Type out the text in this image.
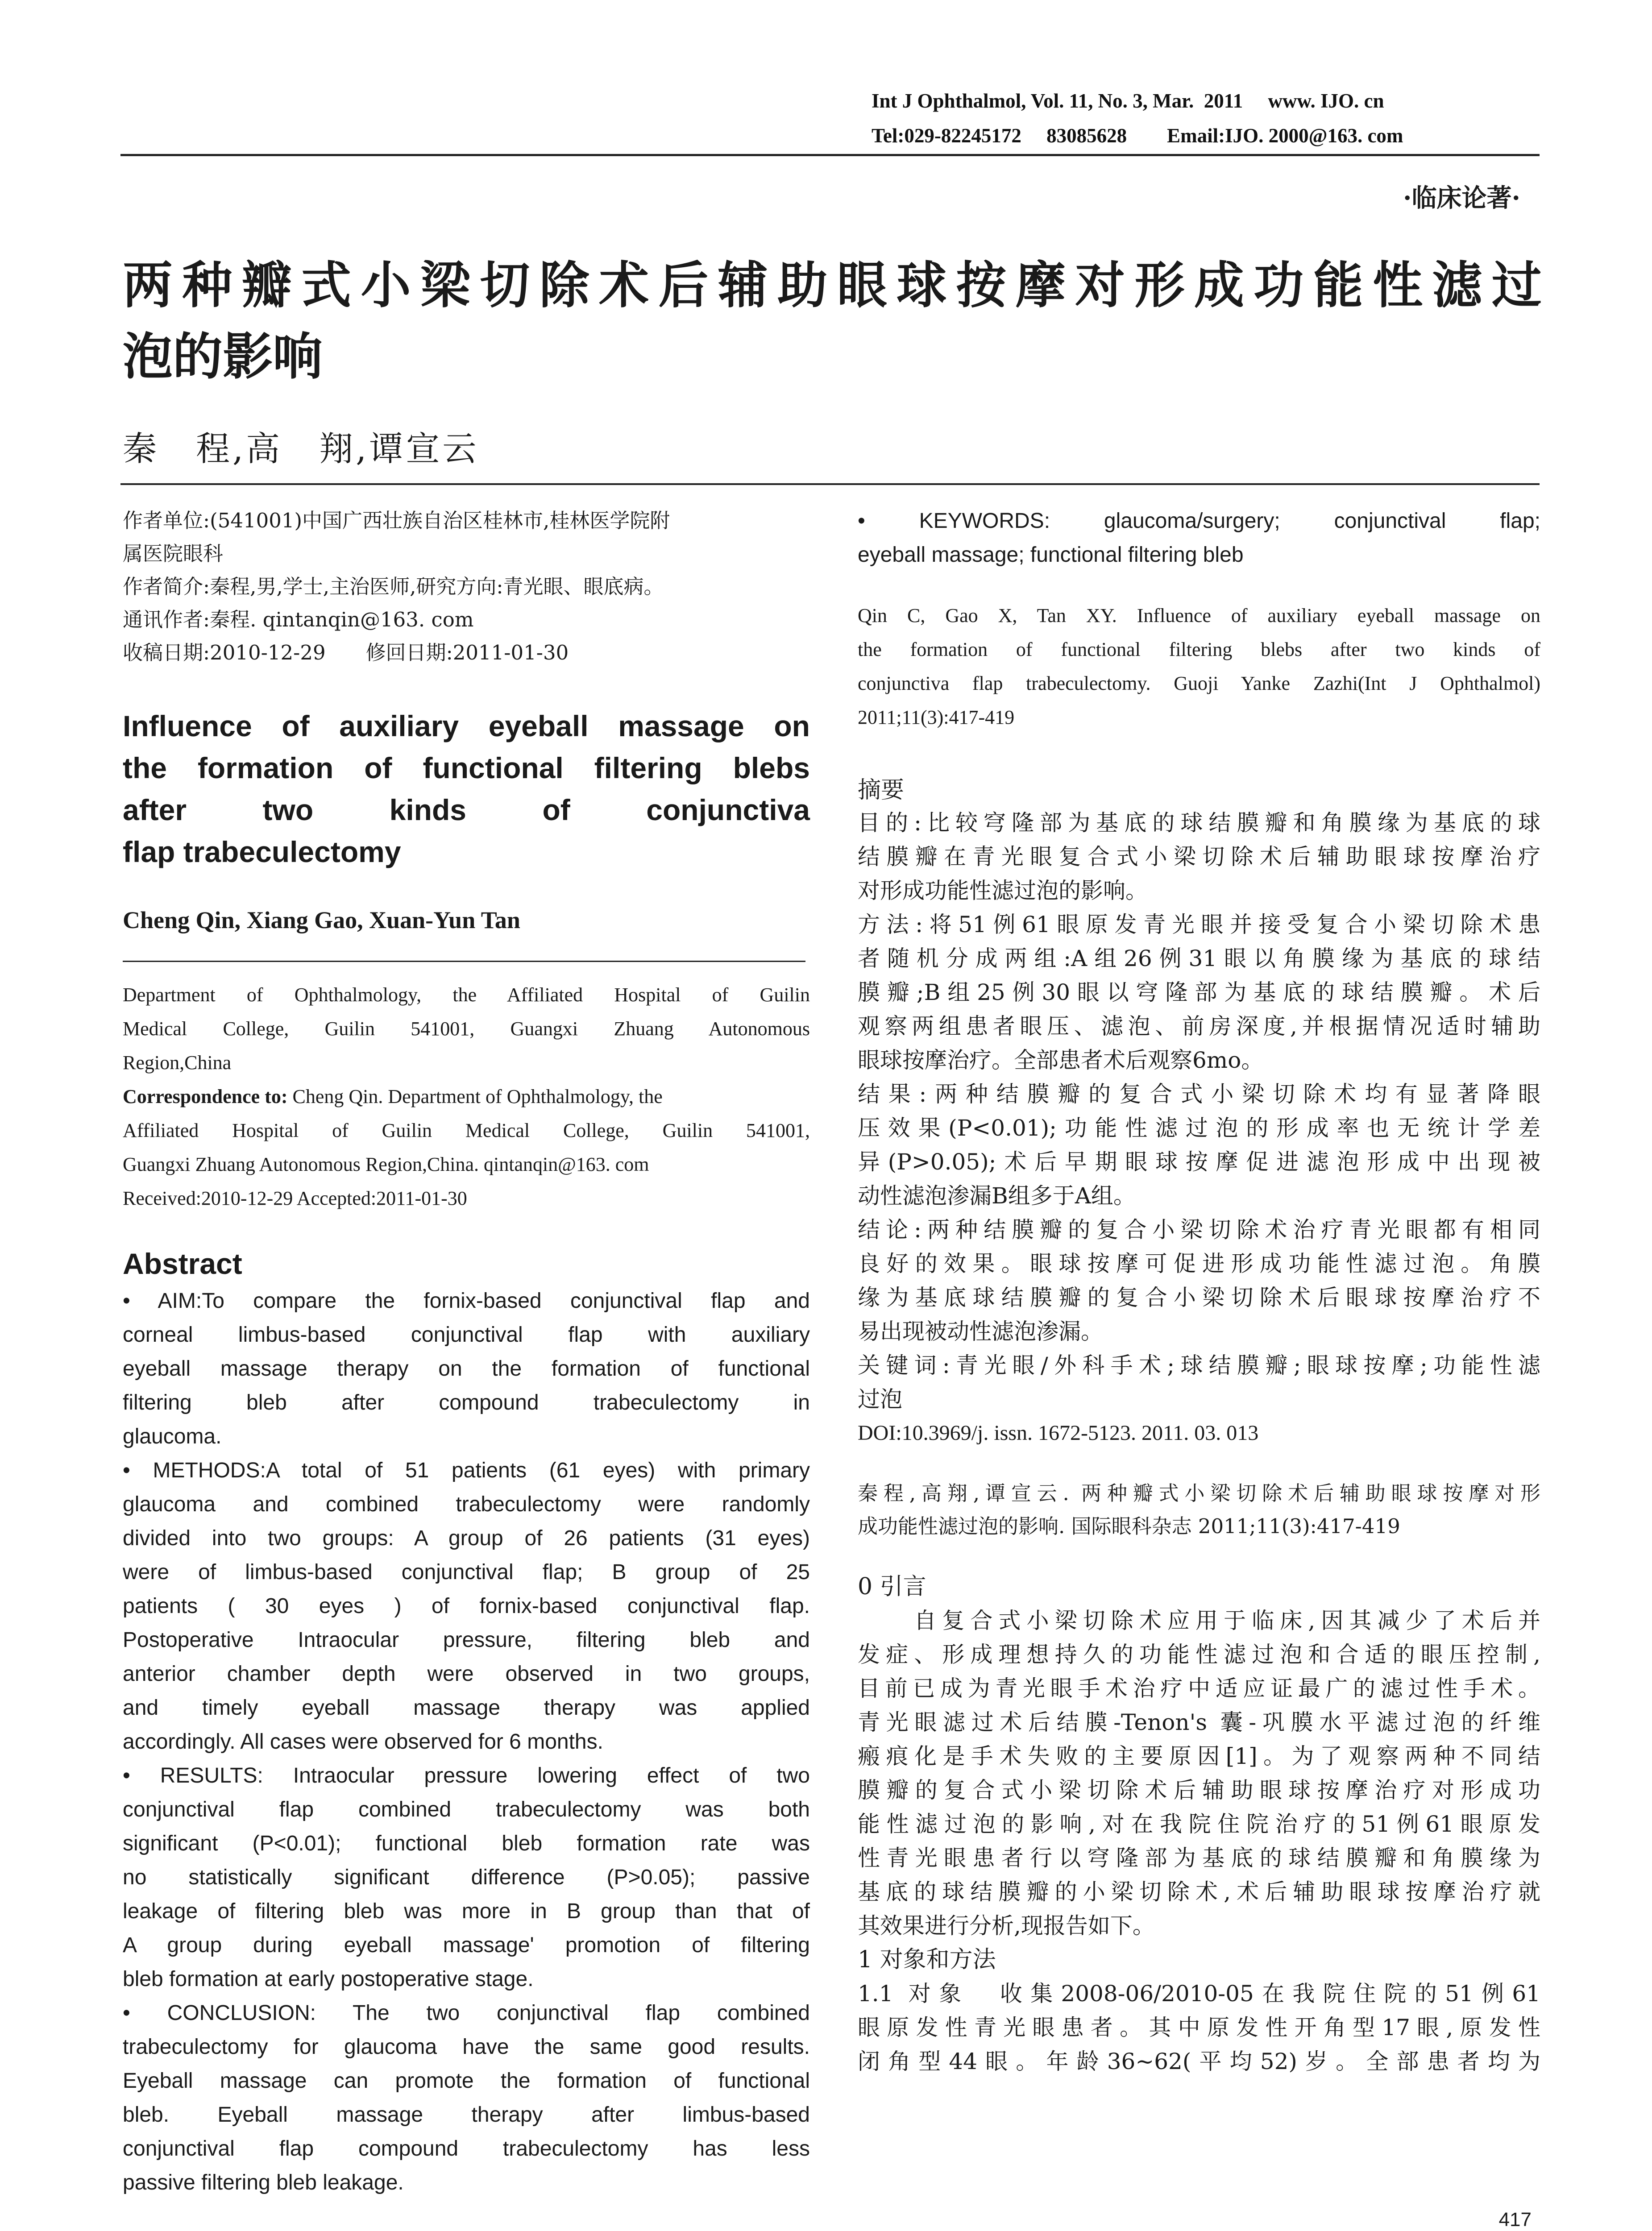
Int J Ophthalmol, Vol. 11, No. 3, Mar.  2011     www. IJO. cn
Tel:029-82245172     83085628        Email:IJO. 2000@163. com
·临床论著·
两种瓣式小梁切除术后辅助眼球按摩对形成功能性滤过
泡的影响
秦　程,高　翔,谭宣云

作者单位:(541001)中国广西壮族自治区桂林市,桂林医学院附

属医院眼科

作者简介:秦程,男,学士,主治医师,研究方向:青光眼、眼底病。

通讯作者:秦程. qintanqin@163. com

收稿日期:2010-12-29　　修回日期:2011-01-30

Influence of auxiliary eyeball massage on
the formation of functional filtering blebs
after two kinds of conjunctiva
flap trabeculectomy
Cheng Qin, Xiang Gao, Xuan-Yun Tan

Department of Ophthalmology, the Affiliated Hospital of Guilin

Medical College, Guilin 541001, Guangxi Zhuang Autonomous

Region,China

Correspondence to: Cheng Qin. Department of Ophthalmology, the

Affiliated Hospital of Guilin Medical College, Guilin 541001,

Guangxi Zhuang Autonomous Region,China. qintanqin@163. com

Received:2010-12-29 Accepted:2011-01-30

Abstract

• AIM:To compare the fornix-based conjunctival flap and

corneal limbus-based conjunctival flap with auxiliary

eyeball massage therapy on the formation of functional

filtering bleb after compound trabeculectomy in

glaucoma.

• METHODS:A total of 51 patients (61 eyes) with primary

glaucoma and combined trabeculectomy were randomly

divided into two groups: A group of 26 patients (31 eyes)

were of limbus-based conjunctival flap; B group of 25

patients ( 30 eyes ) of fornix-based conjunctival flap.

Postoperative Intraocular pressure, filtering bleb and

anterior chamber depth were observed in two groups,

and timely eyeball massage therapy was applied

accordingly. All cases were observed for 6 months.

• RESULTS: Intraocular pressure lowering effect of two

conjunctival flap combined trabeculectomy was both

significant (P<0.01); functional bleb formation rate was

no statistically significant difference (P>0.05); passive

leakage of filtering bleb was more in B group than that of

A group during eyeball massage' promotion of filtering

bleb formation at early postoperative stage.

• CONCLUSION: The two conjunctival flap combined

trabeculectomy for glaucoma have the same good results.

Eyeball massage can promote the formation of functional

bleb. Eyeball massage therapy after limbus-based

conjunctival flap compound trabeculectomy has less

passive filtering bleb leakage.

• KEYWORDS: glaucoma/surgery; conjunctival flap;

eyeball massage; functional filtering bleb

Qin C, Gao X, Tan XY. Influence of auxiliary eyeball massage on

the formation of functional filtering blebs after two kinds of

conjunctiva flap trabeculectomy. Guoji Yanke Zazhi(Int J Ophthalmol)

2011;11(3):417-419

摘要

目的:比较穹隆部为基底的球结膜瓣和角膜缘为基底的球

结膜瓣在青光眼复合式小梁切除术后辅助眼球按摩治疗

对形成功能性滤过泡的影响。

方法:将51例61眼原发青光眼并接受复合小梁切除术患

者随机分成两组:A组26例31眼以角膜缘为基底的球结

膜瓣;B组25例30眼以穹隆部为基底的球结膜瓣。术后

观察两组患者眼压、滤泡、前房深度,并根据情况适时辅助

眼球按摩治疗。全部患者术后观察6mo。

结果:两种结膜瓣的复合式小梁切除术均有显著降眼

压效果(P<0.01);功能性滤过泡的形成率也无统计学差

异(P>0.05);术后早期眼球按摩促进滤泡形成中出现被

动性滤泡渗漏B组多于A组。

结论:两种结膜瓣的复合小梁切除术治疗青光眼都有相同

良好的效果。眼球按摩可促进形成功能性滤过泡。角膜

缘为基底球结膜瓣的复合小梁切除术后眼球按摩治疗不

易出现被动性滤泡渗漏。

关键词:青光眼/外科手术;球结膜瓣;眼球按摩;功能性滤

过泡

DOI:10.3969/j. issn. 1672-5123. 2011. 03. 013

秦程,高翔,谭宣云. 两种瓣式小梁切除术后辅助眼球按摩对形

成功能性滤过泡的影响. 国际眼科杂志 2011;11(3):417-419

0 引言

　　自复合式小梁切除术应用于临床,因其减少了术后并

发症、形成理想持久的功能性滤过泡和合适的眼压控制,

目前已成为青光眼手术治疗中适应证最广的滤过性手术。

青光眼滤过术后结膜-Tenon's 囊-巩膜水平滤过泡的纤维

瘢痕化是手术失败的主要原因[1]。为了观察两种不同结

膜瓣的复合式小梁切除术后辅助眼球按摩治疗对形成功

能性滤过泡的影响,对在我院住院治疗的51例61眼原发

性青光眼患者行以穹隆部为基底的球结膜瓣和角膜缘为

基底的球结膜瓣的小梁切除术,术后辅助眼球按摩治疗就

其效果进行分析,现报告如下。

1 对象和方法

1.1 对象　收集2008-06/2010-05在我院住院的51例61

眼原发性青光眼患者。其中原发性开角型17眼,原发性

闭角型44眼。年龄36~62(平均52)岁。全部患者均为

417
